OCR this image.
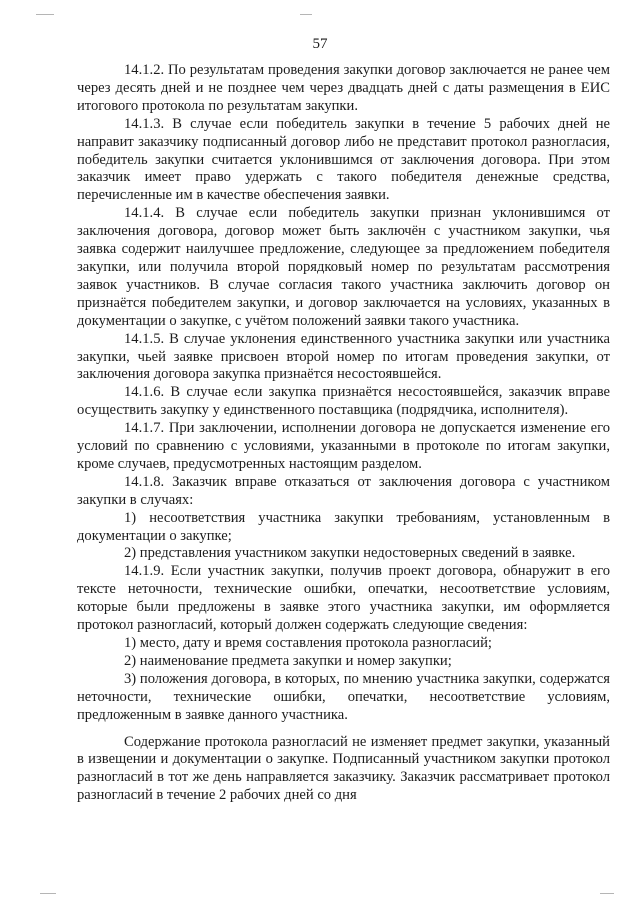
57

14.1.2. По результатам проведения закупки договор заключается не ранее чем через десять дней и не позднее чем через двадцать дней с даты размещения в ЕИС итогового протокола по результатам закупки.

14.1.3. В случае если победитель закупки в течение 5 рабочих дней не направит заказчику подписанный договор либо не представит протокол разногласия, победитель закупки считается уклонившимся от заключения договора. При этом заказчик имеет право удержать с такого победителя денежные средства, перечисленные им в качестве обеспечения заявки.

14.1.4. В случае если победитель закупки признан уклонившимся от заключения договора, договор может быть заключён с участником закупки, чья заявка содержит наилучшее предложение, следующее за предложением победителя закупки, или получила второй порядковый номер по результатам рассмотрения заявок участников. В случае согласия такого участника заключить договор он признаётся победителем закупки, и договор заключается на условиях, указанных в документации о закупке, с учётом положений заявки такого участника.

14.1.5. В случае уклонения единственного участника закупки или участника закупки, чьей заявке присвоен второй номер по итогам проведения закупки, от заключения договора закупка признаётся несостоявшейся.

14.1.6. В случае если закупка признаётся несостоявшейся, заказчик вправе осуществить закупку у единственного поставщика (подрядчика, исполнителя).

14.1.7. При заключении, исполнении договора не допускается изменение его условий по сравнению с условиями, указанными в протоколе по итогам закупки, кроме случаев, предусмотренных настоящим разделом.

14.1.8. Заказчик вправе отказаться от заключения договора с участником закупки в случаях:

1) несоответствия участника закупки требованиям, установленным в документации о закупке;

2) представления участником закупки недостоверных сведений в заявке.

14.1.9. Если участник закупки, получив проект договора, обнаружит в его тексте неточности, технические ошибки, опечатки, несоответствие условиям, которые были предложены в заявке этого участника закупки, им оформляется протокол разногласий, который должен содержать следующие сведения:

1) место, дату и время составления протокола разногласий;

2) наименование предмета закупки и номер закупки;

3) положения договора, в которых, по мнению участника закупки, содержатся неточности, технические ошибки, опечатки, несоответствие условиям, предложенным в заявке данного участника.

Содержание протокола разногласий не изменяет предмет закупки, указанный в извещении и документации о закупке. Подписанный участником закупки протокол разногласий в тот же день направляется заказчику. Заказчик рассматривает протокол разногласий в течение 2 рабочих дней со дня
